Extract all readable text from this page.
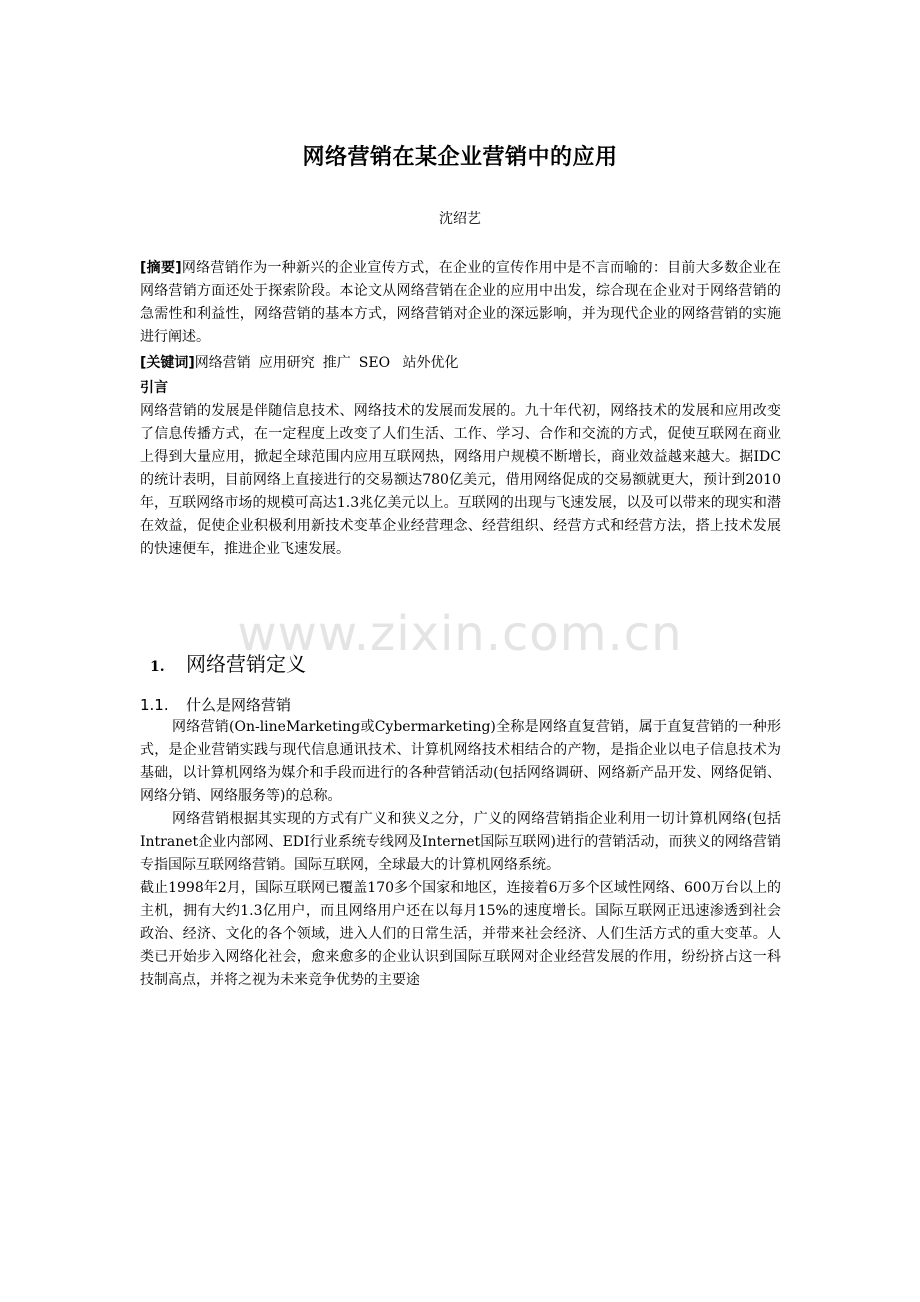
网络营销在某企业营销中的应用
沈绍艺
[摘要]网络营销作为一种新兴的企业宣传方式，在企业的宣传作用中是不言而喻的：目前大多数企业在网络营销方面还处于探索阶段。本论文从网络营销在企业的应用中出发，综合现在企业对于网络营销的急需性和利益性，网络营销的基本方式，网络营销对企业的深远影响，并为现代企业的网络营销的实施进行阐述。
[关键词]网络营销 应用研究 推广 SEO 站外优化
引言
网络营销的发展是伴随信息技术、网络技术的发展而发展的。九十年代初，网络技术的发展和应用改变了信息传播方式，在一定程度上改变了人们生活、工作、学习、合作和交流的方式，促使互联网在商业上得到大量应用，掀起全球范围内应用互联网热，网络用户规模不断增长，商业效益越来越大。据IDC的统计表明，目前网络上直接进行的交易额达780亿美元，借用网络促成的交易额就更大，预计到2010年，互联网络市场的规模可高达1.3兆亿美元以上。互联网的出现与飞速发展，以及可以带来的现实和潜在效益，促使企业积极利用新技术变革企业经营理念、经营组织、经营方式和经营方法，搭上技术发展的快速便车，推进企业飞速发展。
www.zixin.com.cn
1. 网络营销定义
1.1. 什么是网络营销

网络营销(On-lineMarketing或Cybermarketing)全称是网络直复营销，属于直复营销的一种形式，是企业营销实践与现代信息通讯技术、计算机网络技术相结合的产物，是指企业以电子信息技术为基础，以计算机网络为媒介和手段而进行的各种营销活动(包括网络调研、网络新产品开发、网络促销、网络分销、网络服务等)的总称。

网络营销根据其实现的方式有广义和狭义之分，广义的网络营销指企业利用一切计算机网络(包括Intranet企业内部网、EDI行业系统专线网及Internet国际互联网)进行的营销活动，而狭义的网络营销专指国际互联网络营销。国际互联网，全球最大的计算机网络系统。

截止1998年2月，国际互联网已覆盖170多个国家和地区，连接着6万多个区域性网络、600万台以上的主机，拥有大约1.3亿用户，而且网络用户还在以每月15%的速度增长。国际互联网正迅速渗透到社会政治、经济、文化的各个领域，进入人们的日常生活，并带来社会经济、人们生活方式的重大变革。人类已开始步入网络化社会，愈来愈多的企业认识到国际互联网对企业经营发展的作用，纷纷挤占这一科技制高点，并将之视为未来竞争优势的主要途
